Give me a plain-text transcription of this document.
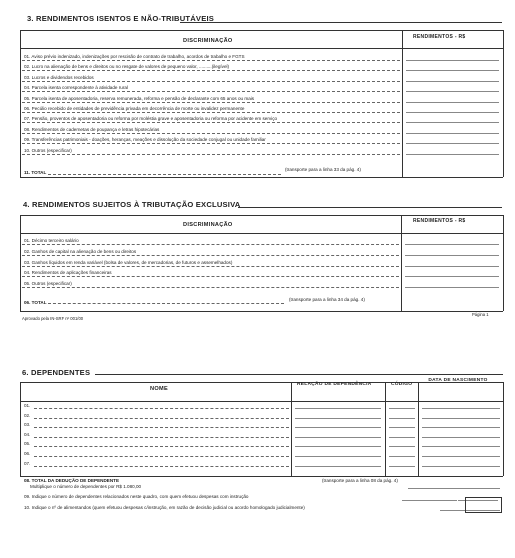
3. RENDIMENTOS ISENTOS E NÃO-TRIBUTÁVEIS
DISCRIMINAÇÃO
RENDIMENTOS - R$
01. Aviso prévio indenizado, indenizações por rescisão de contrato de trabalho, acordos de trabalho e FGTS
02. Lucro na alienação de bens e direitos ou no resgate de valores de pequeno valor, ..........(ilegível)
03. Lucros e dividendos recebidos
04. Parcela isenta correspondente à atividade rural
05. Parcela isenta de aposentadoria, reserva remunerada, reforma e pensão de declarante com 65 anos ou mais
06. Pecúlio recebido de entidades de previdência privada em decorrência de morte ou invalidez permanente
07. Pensão, proventos de aposentadoria ou reforma por moléstia grave e aposentadoria ou reforma por acidente em serviço
08. Rendimentos de cadernetas de poupança e letras hipotecárias
09. Transferências patrimoniais - doações, heranças, meações e dissolução da sociedade conjugal ou unidade familiar
10. Outros (especificar)
11. TOTAL
(transporte para a linha 33 da pág. 4)
4. RENDIMENTOS SUJEITOS À TRIBUTAÇÃO EXCLUSIVA
DISCRIMINAÇÃO
RENDIMENTOS - R$
01. Décimo terceiro salário
02. Ganhos de capital na alienação de bens ou direitos
03. Ganhos líquidos em renda variável (bolsa de valores, de mercadorias, de futuros e assemelhados)
04. Rendimentos de aplicações financeiras
05. Outros (especificar)
06. TOTAL
(transporte para a linha 34 da pág. 4)
Aprovado pela IN-SRF nº 001/00
Página 1
6. DEPENDENTES
NOME
RELAÇÃO DE DEPENDÊNCIA	CÓDIGO
DATA DE NASCIMENTO
01.
02.
03.
04.
05.
06.
07.
08. TOTAL DA DEDUÇÃO DE DEPENDENTE
Multiplique o número de dependentes por R$ 1.080,00
(transporte para a linha 08 da pág. 4)
09. Indique o número de dependentes relacionados neste quadro, com quem efetuou despesas com instrução
10. Indique o nº de alimentandos (quem efetuou despesas c/instrução, em razão de decisão judicial ou acordo homologado judicialmente)
